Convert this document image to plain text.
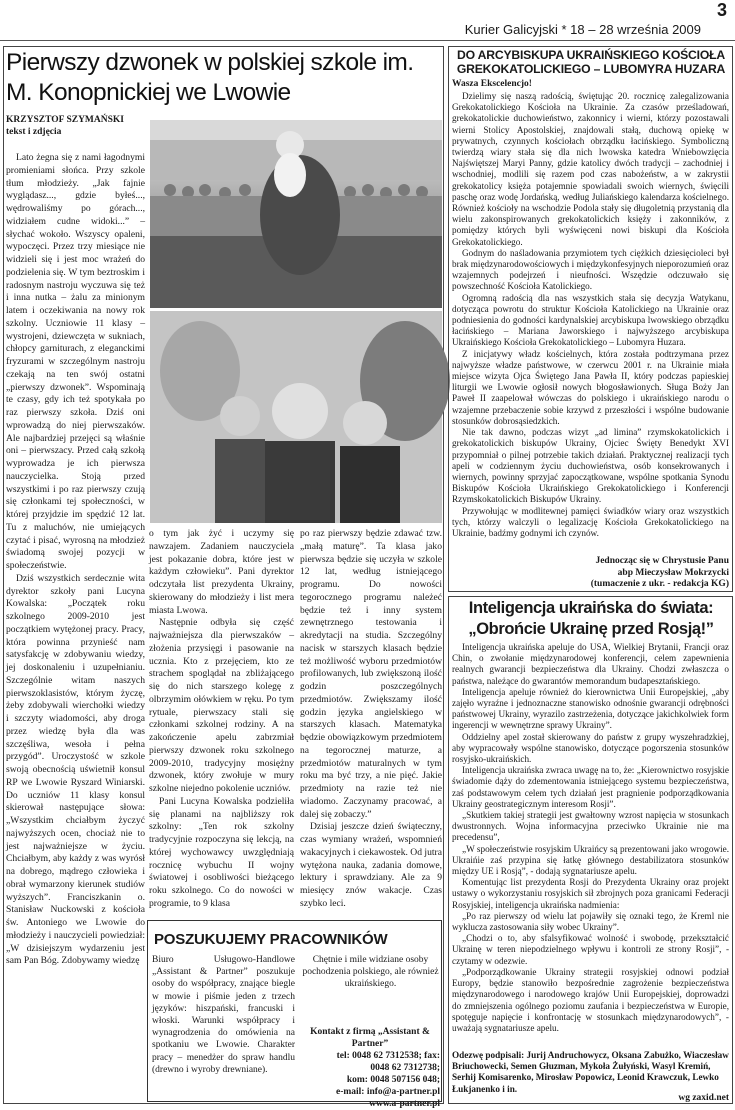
3
Kurier Galicyjski * 18 – 28 września 2009
Pierwszy dzwonek w polskiej szkole im. M. Konopnickiej we Lwowie
KRZYSZTOF SZYMAŃSKI
tekst i zdjęcia

Lato żegna się z nami łagodnymi promieniami słońca. Przy szkole tłum młodzieży. „Jak fajnie wyglądasz..., gdzie byłeś..., wędrowaliśmy po górach..., widziałem cudne widoki...” – słychać wokoło. Wszyscy opaleni, wypoczęci. Przez trzy miesiące nie widzieli się i jest moc wrażeń do podzielenia się. W tym beztroskim i radosnym nastroju wyczuwa się też i inna nutka – żalu za minionym latem i oczekiwania na nowy rok szkolny. Uczniowie 11 klasy – wystrojeni, dziewczęta w sukniach, chłopcy garniturach, z eleganckimi fryzurami w szczególnym nastroju czekają na ten swój ostatni „pierwszy dzwonek”. Wspominają te czasy, gdy ich też spotykała po raz pierwszy szkoła. Dziś oni wprowadzą do niej pierwszaków. Ale najbardziej przejęci są właśnie oni – pierwszacy. Przed całą szkołą wyprowadza je ich pierwsza nauczycielka. Stoją przed wszystkimi i po raz pierwszy czują się członkami tej społeczności, w której przyjdzie im spędzić 12 lat. Tu z maluchów, nie umiejących czytać i pisać, wyrosną na młodzież świadomą swojej pozycji w społeczeństwie.

Dziś wszystkich serdecznie wita dyrektor szkoły pani Lucyna Kowalska: „Początek roku szkolnego 2009-2010 jest początkiem wytężonej pracy. Pracy, która powinna przynieść nam satysfakcję w zdobywaniu wiedzy, jej doskonaleniu i uzupełnianiu. Szczególnie witam naszych pierwszoklasistów, którym życzę, żeby zdobywali wierchołki wiedzy i szczyty wiadomości, aby droga przez wiedzę była dla was szczęśliwa, wesoła i pełna przygód”. Uroczystość w szkole swoją obecnością uświetnił konsul RP we Lwowie Ryszard Winiarski. Do uczniów 11 klasy konsul skierował następujące słowa: „Wszystkim chciałbym życzyć najwyższych ocen, chociaż nie to jest najważniejsze w życiu. Chciałbym, aby każdy z was wyrósł na dobrego, mądrego człowieka i obrał wymarzony kierunek studiów wyższych”. Franciszkanin o. Stanisław Nuckowski z kościoła św. Antoniego we Lwowie do młodzieży i nauczycieli powiedział: „W dzisiejszym wydarzeniu jest sam Pan Bóg. Zdobywamy wiedzę

o tym jak żyć i uczymy się nawzajem. Zadaniem nauczyciela jest pokazanie dobra, które jest w każdym człowieku”. Pani dyrektor odczytała list prezydenta Ukrainy, skierowany do młodzieży i list mera miasta Lwowa.

Następnie odbyła się część najważniejsza dla pierwszaków – złożenia przysięgi i pasowanie na ucznia. Kto z przejęciem, kto ze strachem spoglądał na zbliżającego się do nich starszego kolegę z olbrzymim ołówkiem w ręku. Po tym rytuale, pierwszacy stali się członkami szkolnej rodziny. A na zakończenie apelu zabrzmiał pierwszy dzwonek roku szkolnego 2009-2010, tradycyjny mosiężny dzwonek, który zwołuje w mury szkolne niejedno pokolenie uczniów.

Pani Lucyna Kowalska podzieliła się planami na najbliższy rok szkolny: „Ten rok szkolny tradycyjnie rozpoczyna się lekcją, na której wychowawcy uwzględniają rocznicę wybuchu II wojny światowej i osobliwości bieżącego roku szkolnego. Co do nowości w programie, to 9 klasa

po raz pierwszy będzie zdawać tzw. „małą maturę”. Ta klasa jako pierwsza będzie się uczyła w szkole 12 lat, według istniejącego programu. Do nowości tegorocznego programu należeć będzie też i inny system zewnętrznego testowania i akredytacji na studia. Szczególny nacisk w starszych klasach będzie też możliwość wyboru przedmiotów profilowanych, lub zwiększoną ilość godzin poszczególnych przedmiotów. Zwiększamy ilość godzin języka angielskiego w starszych klasach. Matematyka będzie obowiązkowym przedmiotem na tegorocznej maturze, a przedmiotów maturalnych w tym roku ma być trzy, a nie pięć. Jakie przedmioty na razie też nie wiadomo. Zaczynamy pracować, a dalej się zobaczy.”

Dzisiaj jeszcze dzień świąteczny, czas wymiany wrażeń, wspomnień wakacyjnych i ciekawostek. Od jutra wytężona nauka, zadania domowe, lektury i sprawdziany. Ale za 9 miesięcy znów wakacje. Czas szybko leci.

POSZUKUJEMY PRACOWNIKÓW
Biuro Usługowo-Handlowe „Assistant & Partner” poszukuje osoby do współpracy, znające biegle w mowie i piśmie jeden z trzech języków: hiszpański, francuski i włoski. Warunki współpracy i wynagrodzenia do omówienia na spotkaniu we Lwowie. Charakter pracy – menedżer do spraw handlu (drewno i wyroby drewniane).
Chętnie i mile widziane osoby pochodzenia polskiego, ale również ukraińskiego.
Kontakt z firmą „Assistant & Partner”
tel: 0048 62 7312538; fax:
0048 62 7312738;
kom: 0048 507156 048;
e-mail: info@a-partner.pl
www.a-partner.pl
DO ARCYBISKUPA UKRAIŃSKIEGO KOŚCIOŁA GREKOKATOLICKIEGO – LUBOMYRA HUZARA
Wasza Ekscelencjo!

Dzielimy się naszą radością, świętując 20. rocznicę zalegalizowania Grekokatolickiego Kościoła na Ukrainie. Za czasów prześladowań, grekokatolickie duchowieństwo, zakonnicy i wierni, którzy pozostawali wierni Stolicy Apostolskiej, znajdowali stałą, duchową opiekę w prywatnych, czynnych kościołach obrządku łacińskiego. Symboliczną twierdzą wiary stała się dla nich lwowska katedra Wniebowzięcia Najświętszej Maryi Panny, gdzie katolicy dwóch tradycji – zachodniej i wschodniej, modlili się razem pod czas nabożeństw, a w zakrystii grekokatolicy księża potajemnie spowiadali swoich wiernych, święcili paschę oraz wodę Jordańską, według Juliańskiego kalendarza kościelnego. Również kościoły na wschodzie Podola stały się długoletnią przystanią dla wielu zakonspirowanych grekokatolickich księży i zakonników, z pomiędzy których byli wyświęceni nowi biskupi dla Kościoła Grekokatolickiego.

Godnym do naśladowania przymiotem tych ciężkich dziesięcioleci był brak międzynarodowościowych i międzykonfesyjnych nieporozumień oraz wzajemnych podejrzeń i nieufności. Wszędzie odczuwało się powszechność Kościoła Katolickiego.

Ogromną radością dla nas wszystkich stała się decyzja Watykanu, dotycząca powrotu do struktur Kościoła Katolickiego na Ukrainie oraz podniesienia do godności kardynalskiej arcybiskupa lwowskiego obrządku łacińskiego – Mariana Jaworskiego i najwyższego arcybiskupa Ukraińskiego Kościoła Grekokatolickiego – Lubomyra Huzara.

Z inicjatywy władz kościelnych, która została podtrzymana przez najwyższe władze państwowe, w czerwcu 2001 r. na Ukrainie miała miejsce wizyta Ojca Świętego Jana Pawła II, który podczas papieskiej liturgii we Lwowie ogłosił nowych błogosławionych. Sługa Boży Jan Paweł II zaapelował wówczas do polskiego i ukraińskiego narodu o wzajemne przebaczenie sobie krzywd z przeszłości i wspólne budowanie stosunków dobrosąsiedzkich.

Nie tak dawno, podczas wizyt „ad limina” rzymskokatolickich i grekokatolickich biskupów Ukrainy, Ojciec Święty Benedykt XVI przypomniał o pilnej potrzebie takich działań. Praktycznej realizacji tych apeli w codziennym życiu duchowieństwa, osób konsekrowanych i wiernych, powinny sprzyjać zapoczątkowane, wspólne spotkania Synodu Biskupów Kościoła Ukraińskiego Grekokatolickiego i Konferencji Rzymskokatolickich Biskupów Ukrainy.

Przywołując w modlitewnej pamięci świadków wiary oraz wszystkich tych, którzy walczyli o legalizację Kościoła Grekokatolickiego na Ukrainie, badźmy godnymi ich czynów.

Jednocząc się w Chrystusie Panu
abp Mieczysław Mokrzycki
(tumaczenie z ukr. - redakcja KG)
Inteligencja ukraińska do świata: „Obrońcie Ukrainę przed Rosją!”

Inteligencja ukraińska apeluje do USA, Wielkiej Brytanii, Francji oraz Chin, o zwołanie międzynarodowej konferencji, celem zapewnienia realnych gwarancji bezpieczeństwa dla Ukrainy. Chodzi zwłaszcza o państwa, należące do gwarantów memorandum budapesztańskiego.

Inteligencja apeluje również do kierownictwa Unii Europejskiej, „aby zajęło wyraźne i jednoznaczne stanowisko odnośnie gwarancji odrębności państwowej Ukrainy, wyrazilo zastrzeżenia, dotyczące jakichkolwiek form ingerencji w wewnętrzne sprawy Ukrainy”.

Oddzielny apel został skierowany do państw z grupy wyszehradzkiej, aby wypracowały wspólne stanowisko, dotyczące pogorszenia stosunków rosyjsko-ukraińskich.

Inteligencja ukraińska zwraca uwagę na to, że: „Kierownictwo rosyjskie świadomie dąży do zdementowania istniejącego systemu bezpieczeństwa, zaś podstawowym celem tych działań jest pragnienie podporządkowania Ukrainy geostrategicznym interesom Rosji”.

„Skutkiem takiej strategii jest gwałtowny wzrost napięcia w stosunkach dwustronnych. Wojna informacyjna przeciwko Ukrainie nie ma precedensu”,

„W społeczeństwie rosyjskim Ukraińcy są prezentowani jako wrogowie. Ukraińie zaś przypina się łatkę głównego destabilizatora stosunków między UE i Rosją”, - dodają sygnatariusze apelu.

Komentując list prezydenta Rosji do Prezydenta Ukrainy oraz projekt ustawy o wykorzystaniu rosyjskich sił zbrojnych poza granicami Federacji Rosyjskiej, inteligencja ukraińska nadmienia:

„Po raz pierwszy od wielu lat pojawiły się oznaki tego, że Kreml nie wyklucza zastosowania siły wobec Ukrainy”.

„Chodzi o to, aby sfalsyfikować wolność i swobodę, przekształcić Ukrainę w teren niepodzielnego wpływu i kontroli ze strony Rosji”, - czytamy w odezwie.

„Podporządkowanie Ukrainy strategii rosyjskiej odnowi podział Europy, będzie stanowiło bezpośrednie zagrożenie bezpieczeństwa międzynarodowego i narodowego krajów Unii Europejskiej, doprowadzi do zmniejszenia ogólnego poziomu zaufania i bezpieczeństwa w Europie, spotęguje napięcie i konfrontację w stosunkach międzynarodowych”, - uważają sygnatariusze apelu.

Odezwę podpisali: Jurij Andruchowycz, Oksana Zabużko, Wiaczesław Briuchowecki, Semen Głuzman, Mykoła Żułyński, Wasyl Kremiń, Serhij Komisarenko, Mirosław Popowicz, Leonid Krawczuk, Lewko Łukjanenko i in.
wg zaxid.net
